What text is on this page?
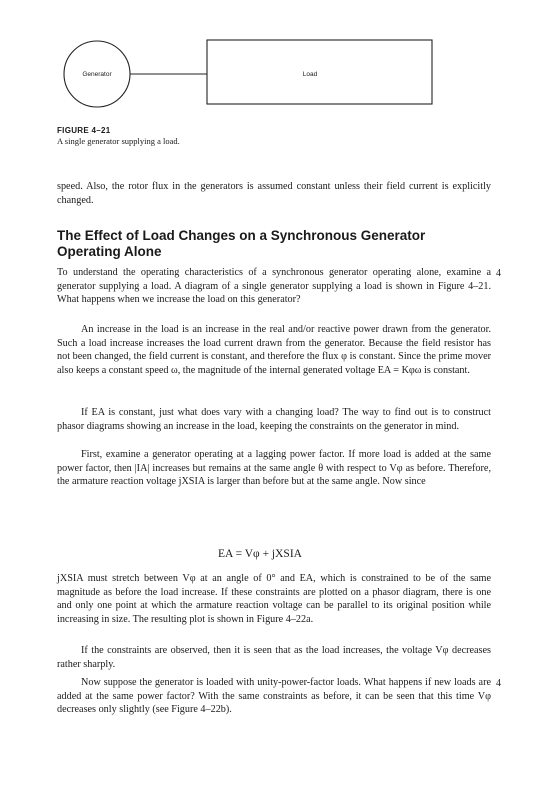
Generator	Load
FIGURE 4–21
A single generator supplying a load.

speed. Also, the rotor flux in the generators is assumed constant unless their field current is explicitly changed.

The Effect of Load Changes on a Synchronous Generator Operating Alone

To understand the operating characteristics of a synchronous generator operating alone, examine a generator supplying a load. A diagram of a single generator supplying a load is shown in Figure 4–21. What happens when we increase the load on this generator?

An increase in the load is an increase in the real and/or reactive power drawn from the generator. Such a load increase increases the load current drawn from the generator. Because the field resistor has not been changed, the field current is constant, and therefore the flux φ is constant. Since the prime mover also keeps a constant speed ω, the magnitude of the internal generated voltage EA = Kφω is constant.

If EA is constant, just what does vary with a changing load? The way to find out is to construct phasor diagrams showing an increase in the load, keeping the constraints on the generator in mind.

First, examine a generator operating at a lagging power factor. If more load is added at the same power factor, then |IA| increases but remains at the same angle θ with respect to Vφ as before. Therefore, the armature reaction voltage jXSIA is larger than before but at the same angle. Now since

EA = Vφ + jXSIA

jXSIA must stretch between Vφ at an angle of 0° and EA, which is constrained to be of the same magnitude as before the load increase. If these constraints are plotted on a phasor diagram, there is one and only one point at which the armature reaction voltage can be parallel to its original position while increasing in size. The resulting plot is shown in Figure 4–22a.

If the constraints are observed, then it is seen that as the load increases, the voltage Vφ decreases rather sharply.

Now suppose the generator is loaded with unity-power-factor loads. What happens if new loads are added at the same power factor? With the same constraints as before, it can be seen that this time Vφ decreases only slightly (see Figure 4–22b).

4
4
